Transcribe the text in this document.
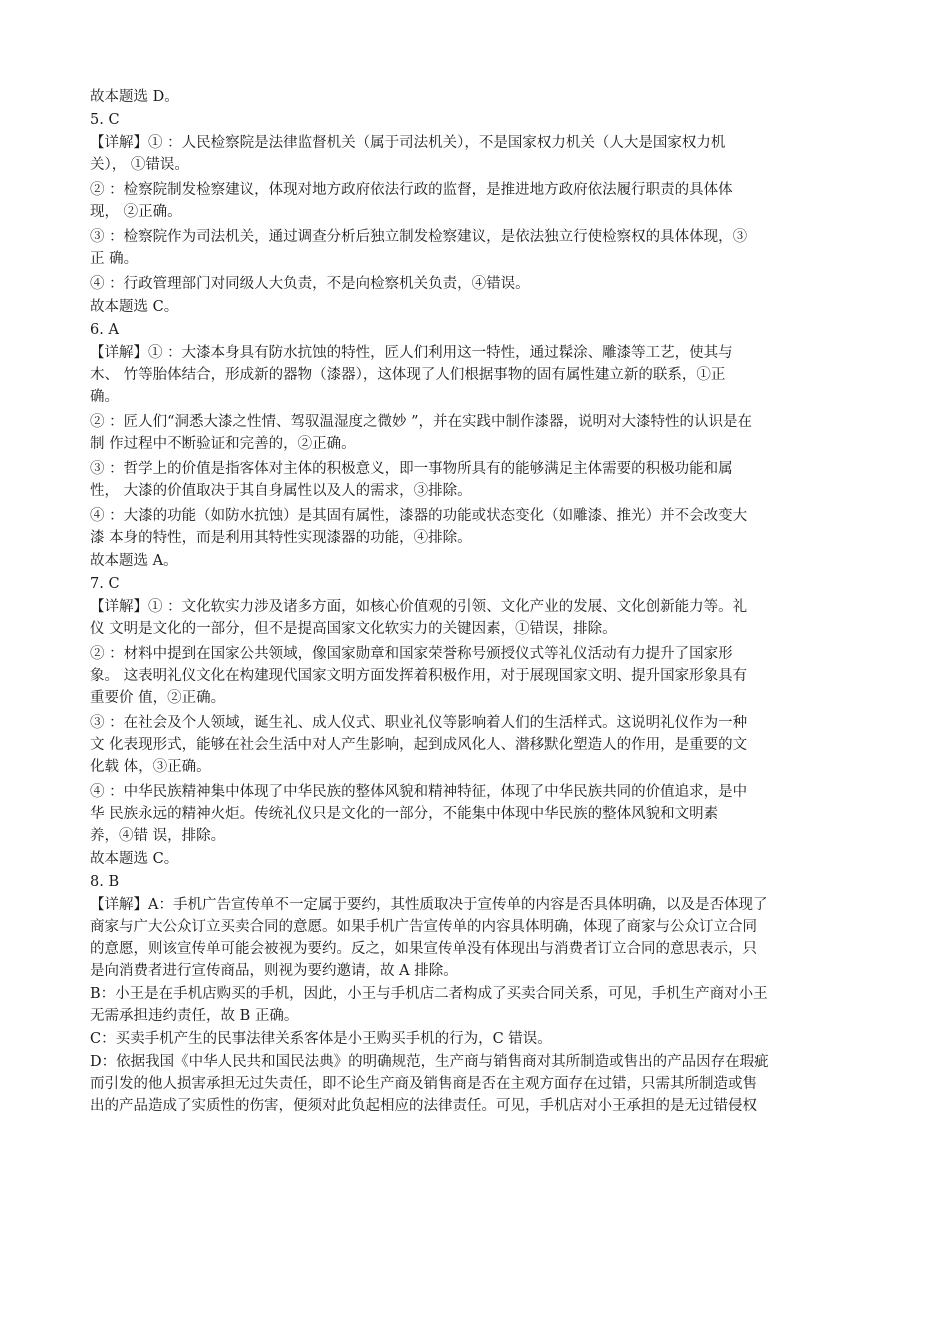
故本题选 D。

5. C

【详解】① ：人民检察院是法律监督机关（属于司法机关），不是国家权力机关（人大是国家权力机

关）， ①错误。

② ：检察院制发检察建议，体现对地方政府依法行政的监督，是推进地方政府依法履行职责的具体体

现， ②正确。

③ ：检察院作为司法机关，通过调查分析后独立制发检察建议，是依法独立行使检察权的具体体现，③

正 确。

④ ：行政管理部门对同级人大负责，不是向检察机关负责，④错误。

故本题选 C。

6. A

【详解】① ：大漆本身具有防水抗蚀的特性，匠人们利用这一特性，通过髹涂、雕漆等工艺，使其与

木、 竹等胎体结合，形成新的器物（漆器），这体现了人们根据事物的固有属性建立新的联系，①正

确。

② ：匠人们“洞悉大漆之性情、驾驭温湿度之微妙 ”，并在实践中制作漆器，说明对大漆特性的认识是在

制 作过程中不断验证和完善的，②正确。

③ ：哲学上的价值是指客体对主体的积极意义，即一事物所具有的能够满足主体需要的积极功能和属

性， 大漆的价值取决于其自身属性以及人的需求，③排除。

④ ：大漆的功能（如防水抗蚀）是其固有属性，漆器的功能或状态变化（如雕漆、推光）并不会改变大

漆 本身的特性，而是利用其特性实现漆器的功能，④排除。

故本题选 A。

7. C

【详解】① ：文化软实力涉及诸多方面，如核心价值观的引领、文化产业的发展、文化创新能力等。礼

仪 文明是文化的一部分，但不是提高国家文化软实力的关键因素，①错误，排除。

② ：材料中提到在国家公共领域，像国家勋章和国家荣誉称号颁授仪式等礼仪活动有力提升了国家形

象。 这表明礼仪文化在构建现代国家文明方面发挥着积极作用，对于展现国家文明、提升国家形象具有

重要价 值，②正确。

③ ：在社会及个人领域，诞生礼、成人仪式、职业礼仪等影响着人们的生活样式。这说明礼仪作为一种

文 化表现形式，能够在社会生活中对人产生影响，起到成风化人、潜移默化塑造人的作用，是重要的文

化载 体，③正确。

④ ：中华民族精神集中体现了中华民族的整体风貌和精神特征，体现了中华民族共同的价值追求，是中

华 民族永远的精神火炬。传统礼仪只是文化的一部分，不能集中体现中华民族的整体风貌和文明素

养，④错 误，排除。

故本题选 C。

8. B

【详解】A：手机广告宣传单不一定属于要约，其性质取决于宣传单的内容是否具体明确，以及是否体现了

商家与广大公众订立买卖合同的意愿。如果手机广告宣传单的内容具体明确，体现了商家与公众订立合同

的意愿，则该宣传单可能会被视为要约。反之，如果宣传单没有体现出与消费者订立合同的意思表示，只

是向消费者进行宣传商品，则视为要约邀请，故 A 排除。

B：小王是在手机店购买的手机，因此，小王与手机店二者构成了买卖合同关系，可见，手机生产商对小王

无需承担违约责任，故 B 正确。

C：买卖手机产生的民事法律关系客体是小王购买手机的行为，C 错误。

D：依据我国《中华人民共和国民法典》的明确规范，生产商与销售商对其所制造或售出的产品因存在瑕疵

而引发的他人损害承担无过失责任，即不论生产商及销售商是否在主观方面存在过错，只需其所制造或售

出的产品造成了实质性的伤害，便须对此负起相应的法律责任。可见，手机店对小王承担的是无过错侵权
